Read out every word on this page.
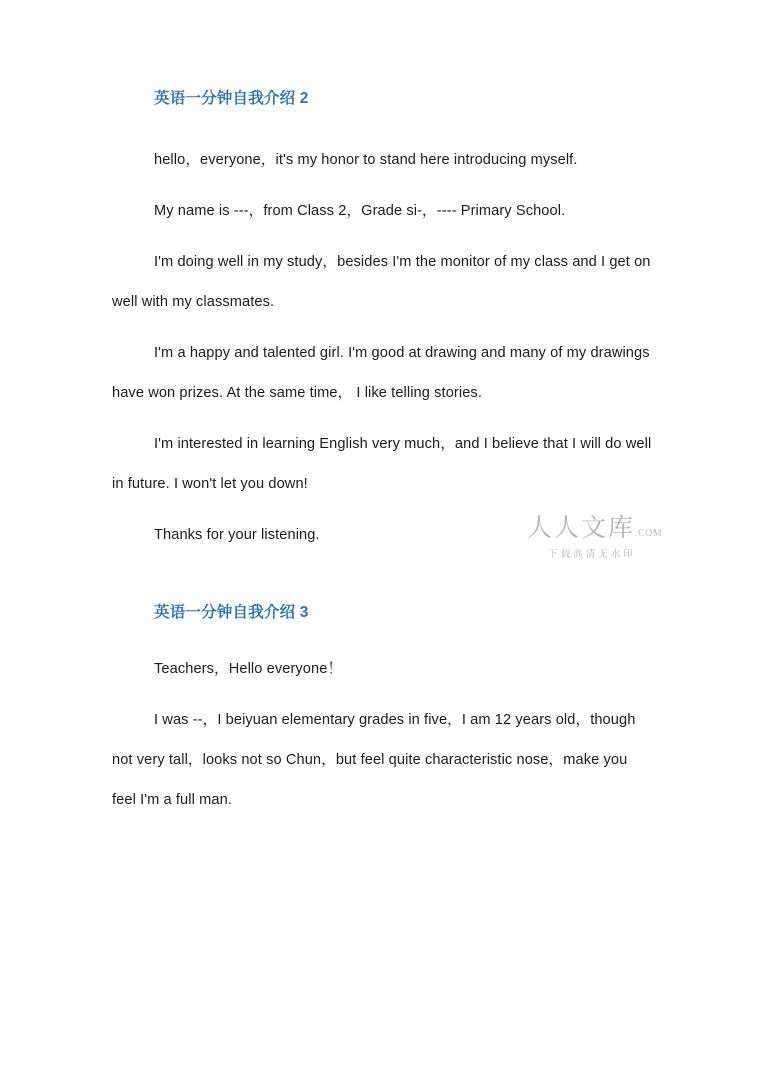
英语一分钟自我介绍 2

hello，everyone，it's my honor to stand here introducing myself.

My name is ---，from Class 2，Grade si-，---- Primary School.

I'm doing well in my study，besides I'm the monitor of my class and I get on well with my classmates.

I'm a happy and talented girl. I'm good at drawing and many of my drawings have won prizes. At the same time， I like telling stories.

I'm interested in learning English very much，and I believe that I will do well in future. I won't let you down!

Thanks for your listening.

英语一分钟自我介绍 3

Teachers，Hello everyone！

I was --，I beiyuan elementary grades in five，I am 12 years old，though not very tall，looks not so Chun，but feel quite characteristic nose，make you feel I'm a full man.

人人文库.COM
下载高清无水印
